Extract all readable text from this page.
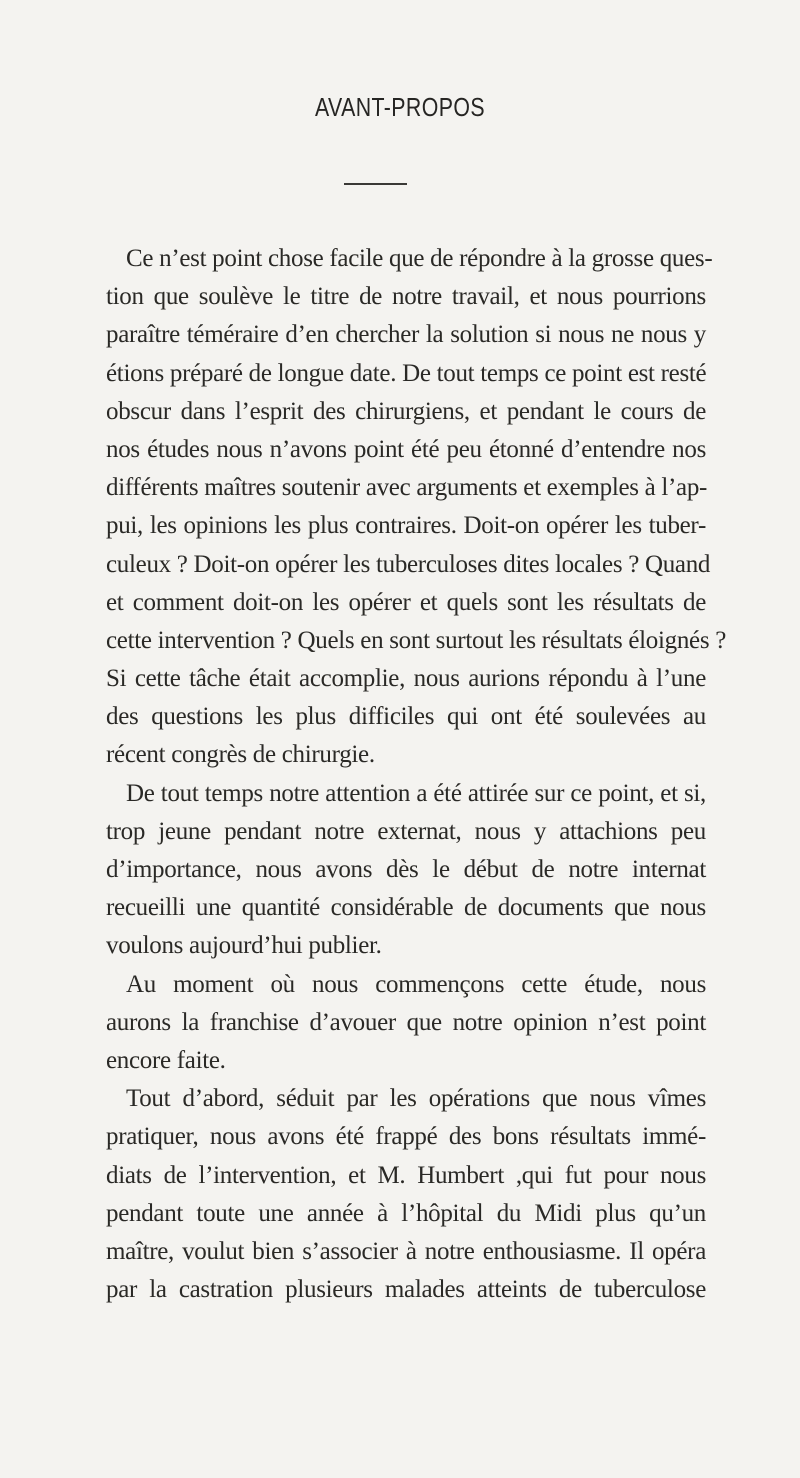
AVANT-PROPOS
Ce n’est point chose facile que de répondre à la grosse ques-
tion que soulève le titre de notre travail, et nous pourrions
paraître téméraire d’en chercher la solution si nous ne nous y
étions préparé de longue date. De tout temps ce point est resté
obscur dans l’esprit des chirurgiens, et pendant le cours de
nos études nous n’avons point été peu étonné d’entendre nos
différents maîtres soutenir avec arguments et exemples à l’ap-
pui, les opinions les plus contraires. Doit-on opérer les tuber-
culeux ? Doit-on opérer les tuberculoses dites locales ? Quand
et comment doit-on les opérer et quels sont les résultats de
cette intervention ? Quels en sont surtout les résultats éloignés ?
Si cette tâche était accomplie, nous aurions répondu à l’une
des questions les plus difficiles qui ont été soulevées au
récent congrès de chirurgie.
De tout temps notre attention a été attirée sur ce point, et si,
trop jeune pendant notre externat, nous y attachions peu
d’importance, nous avons dès le début de notre internat
recueilli une quantité considérable de documents que nous
voulons aujourd’hui publier.
Au moment où nous commençons cette étude, nous
aurons la franchise d’avouer que notre opinion n’est point
encore faite.
Tout d’abord, séduit par les opérations que nous vîmes
pratiquer, nous avons été frappé des bons résultats immé-
diats de l’intervention, et M. Humbert ,qui fut pour nous
pendant toute une année à l’hôpital du Midi plus qu’un
maître, voulut bien s’associer à notre enthousiasme. Il opéra
par la castration plusieurs malades atteints de tuberculose
